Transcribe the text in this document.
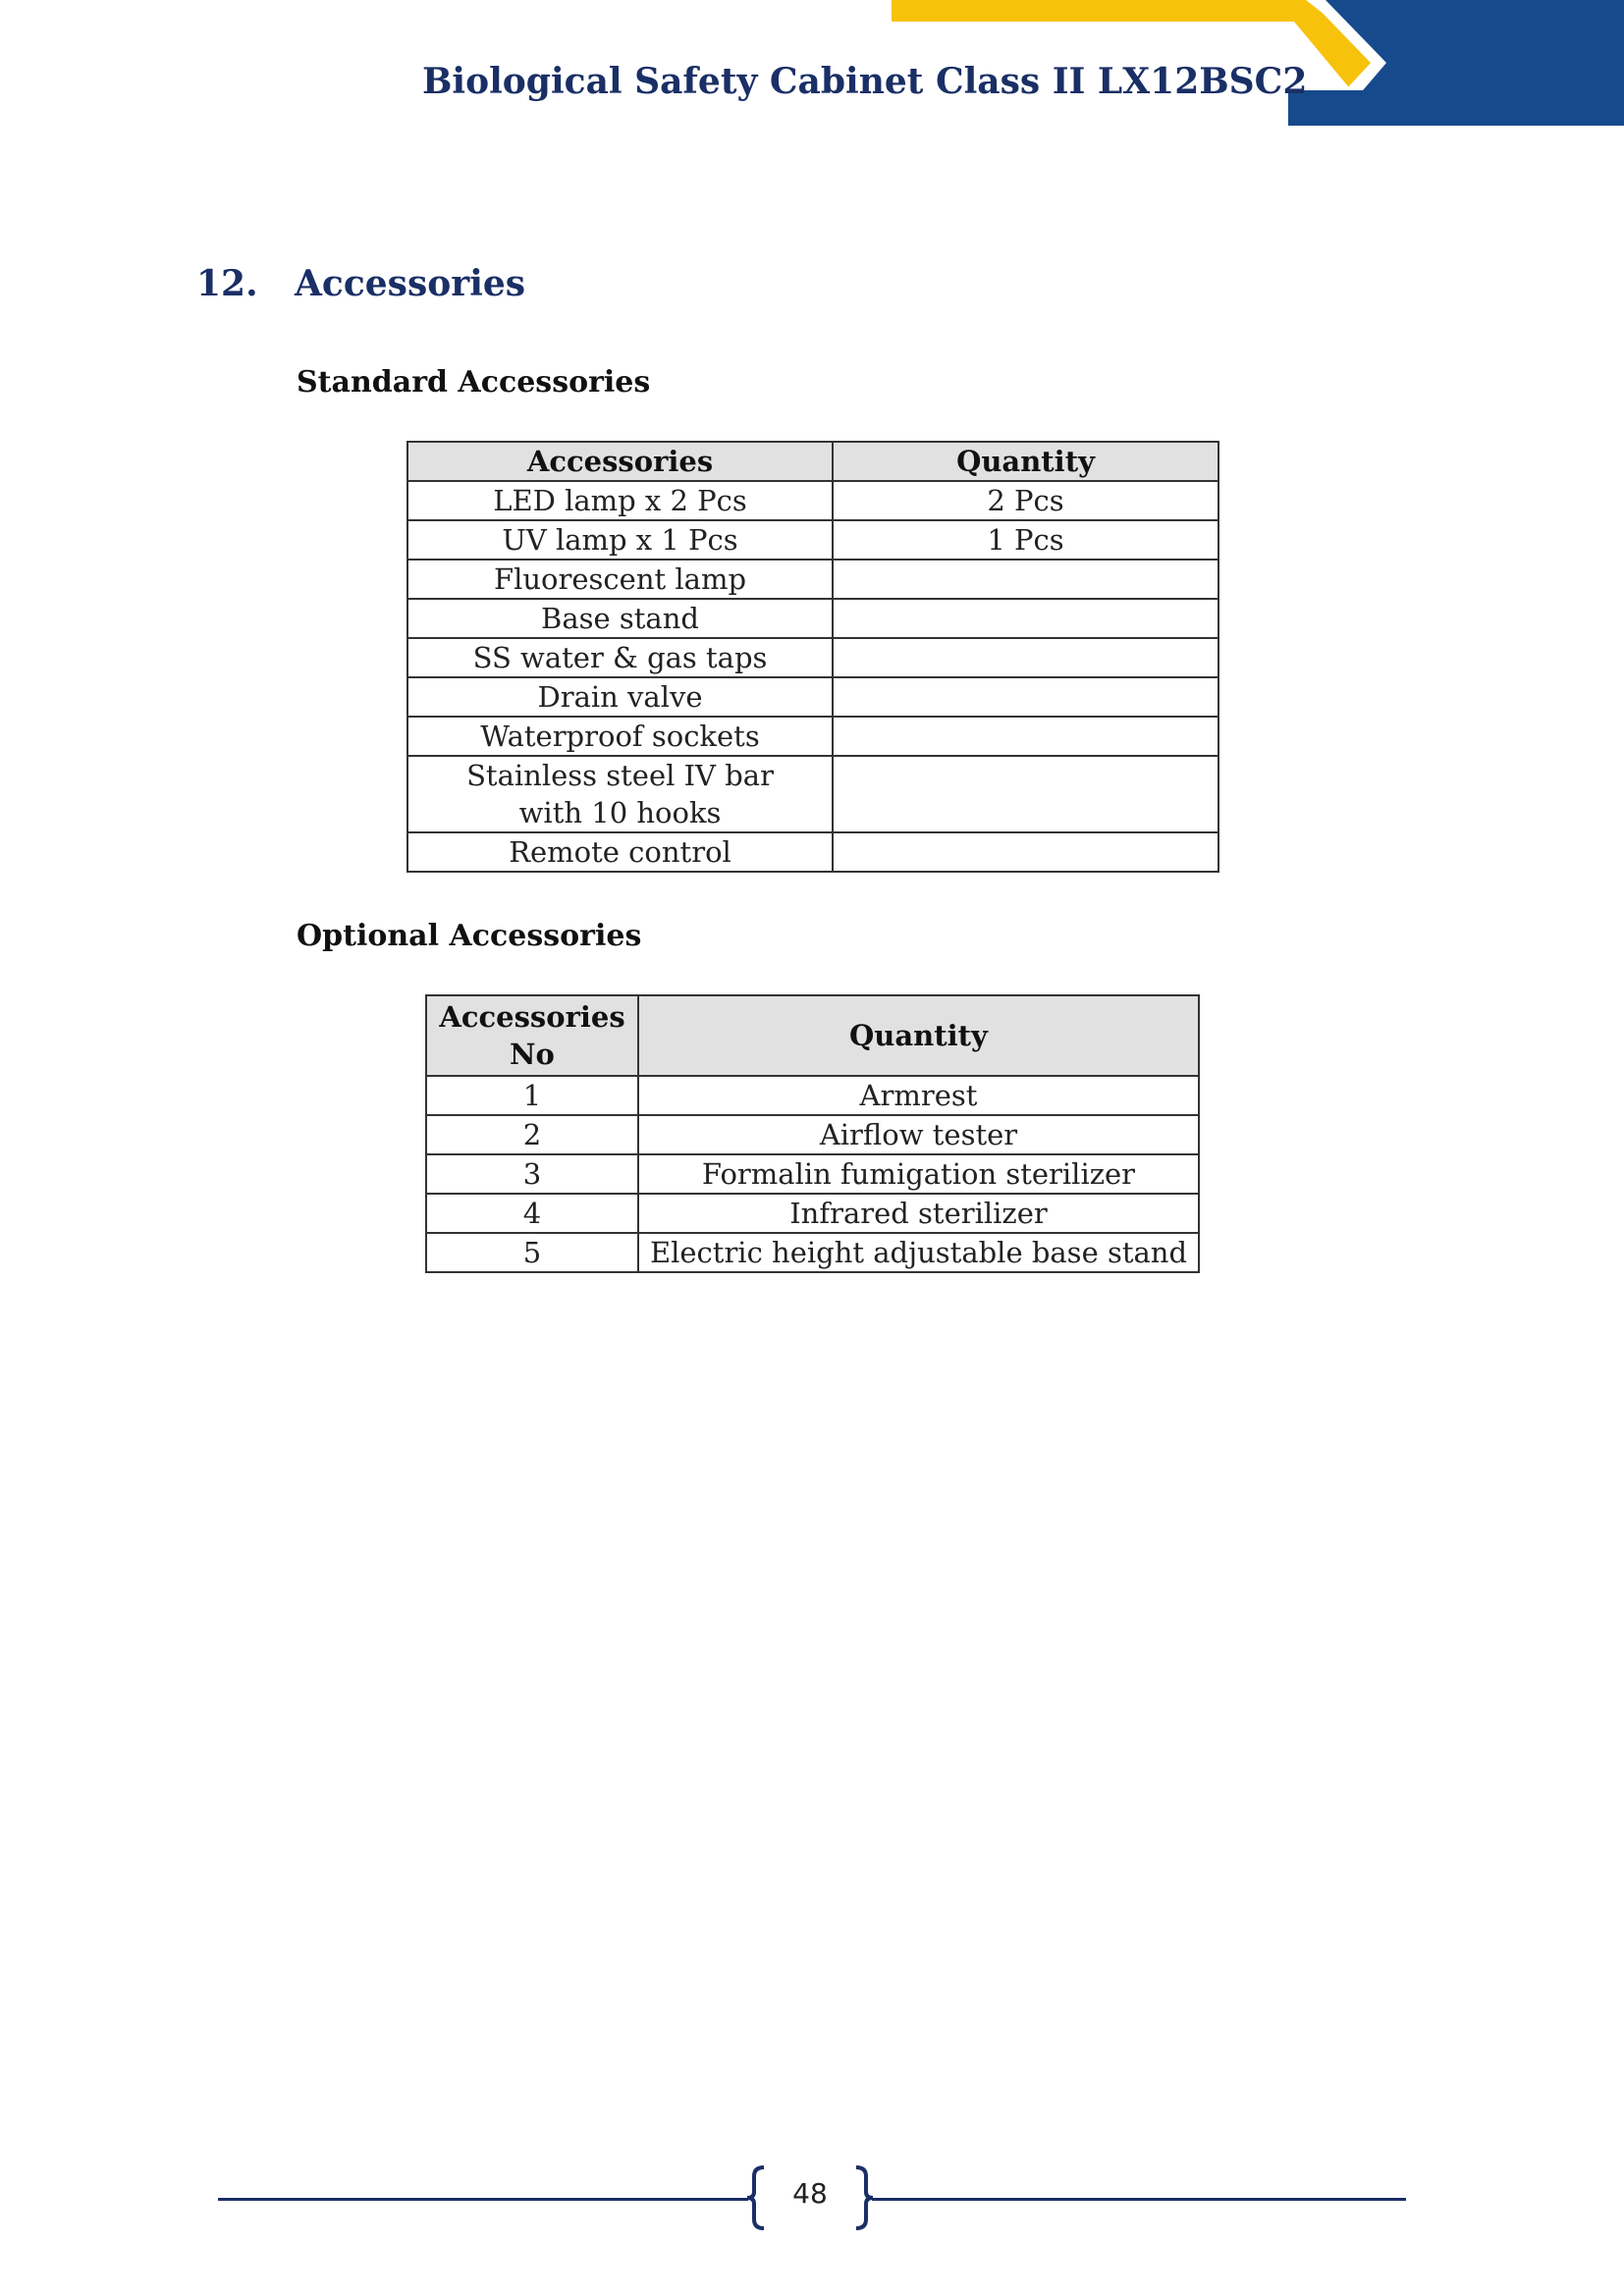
Biological Safety Cabinet Class II LX12BSC2
12. Accessories
Standard Accessories
Accessories	Quantity
LED lamp x 2 Pcs	2 Pcs
UV lamp x 1 Pcs	1 Pcs
Fluorescent lamp	
Base stand	
SS water & gas taps	
Drain valve	
Waterproof sockets	
Stainless steel IV bar with 10 hooks	
Remote control	
Optional Accessories
Accessories No	Quantity
1	Armrest
2	Airflow tester
3	Formalin fumigation sterilizer
4	Infrared sterilizer
5	Electric height adjustable base stand
48
